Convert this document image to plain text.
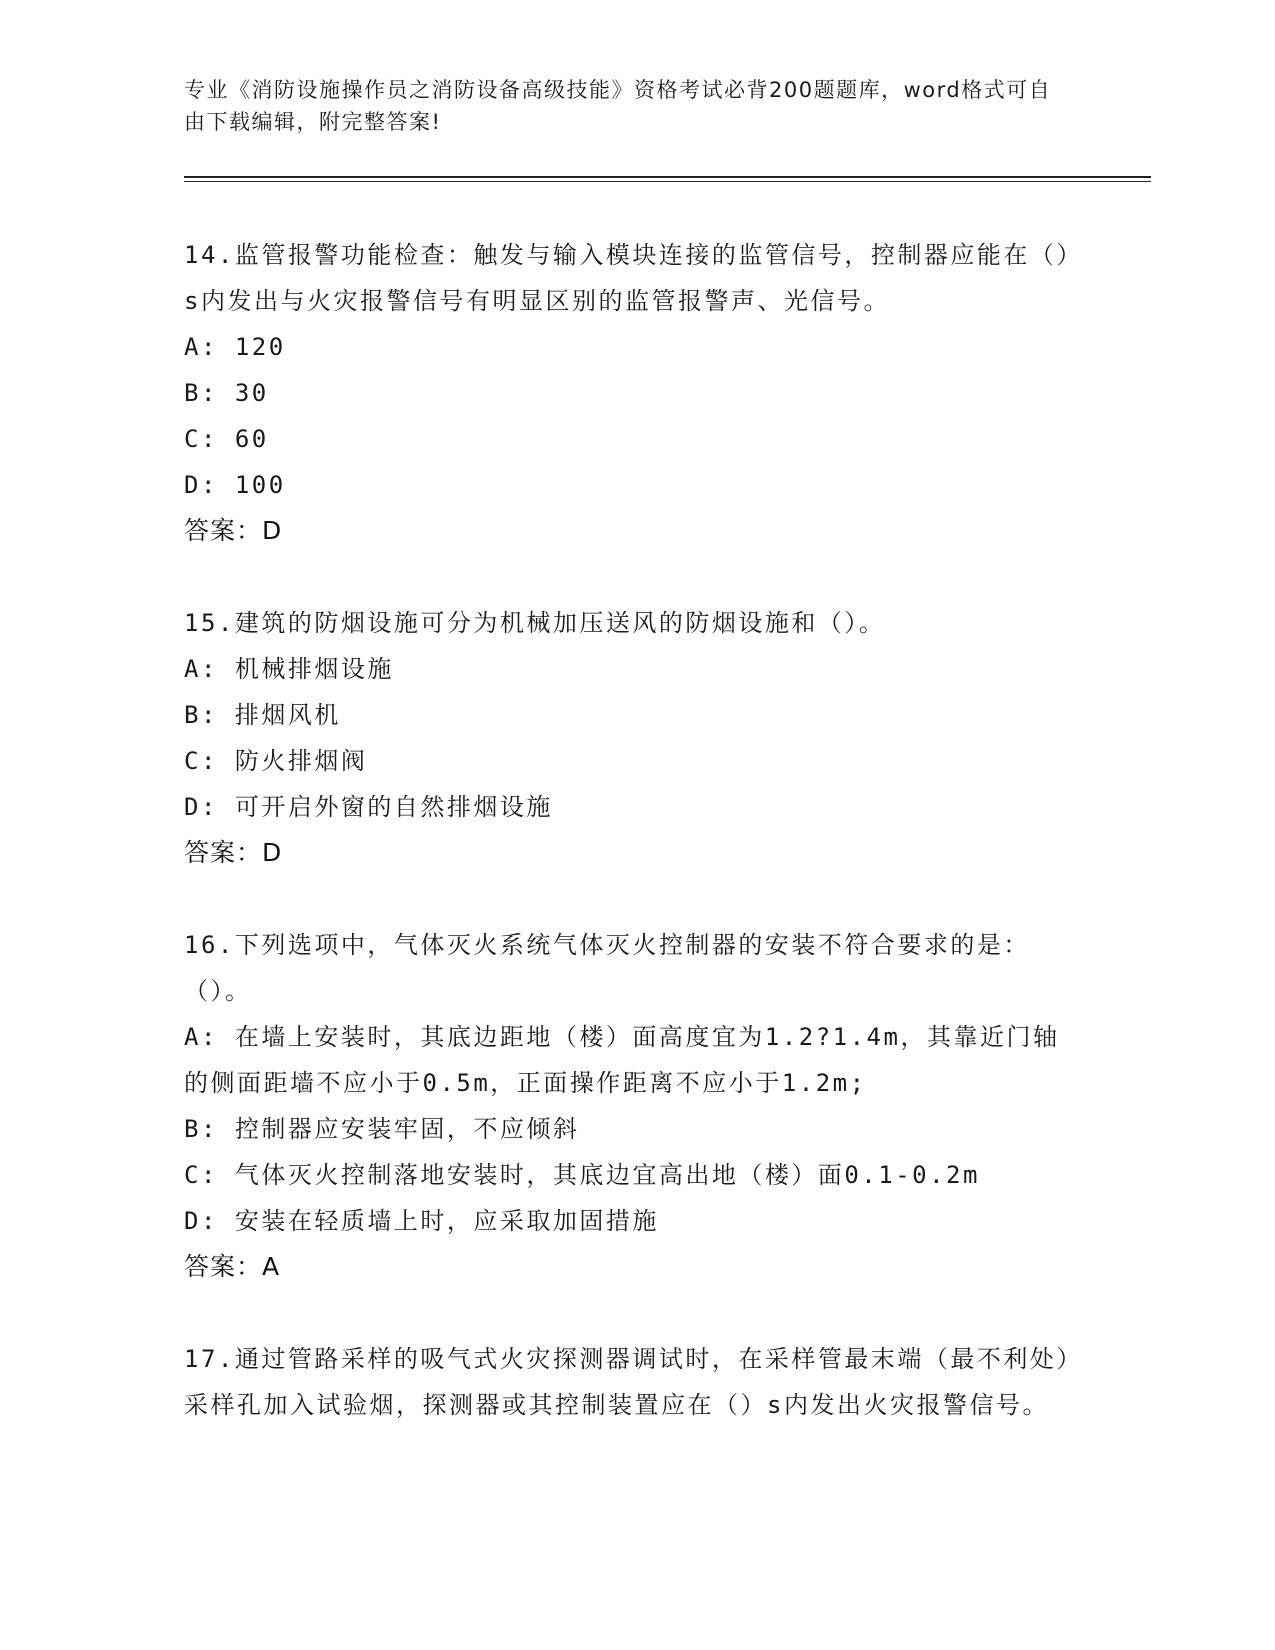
专业《消防设施操作员之消防设备高级技能》资格考试必背200题题库，word格式可自由下载编辑，附完整答案!

14.监管报警功能检查：触发与输入模块连接的监管信号，控制器应能在（）s内发出与火灾报警信号有明显区别的监管报警声、光信号。

A: 120

B: 30

C: 60

D: 100

答案：D

15.建筑的防烟设施可分为机械加压送风的防烟设施和（）。

A: 机械排烟设施

B: 排烟风机

C: 防火排烟阀

D: 可开启外窗的自然排烟设施

答案：D

16.下列选项中，气体灭火系统气体灭火控制器的安装不符合要求的是：（）。

A: 在墙上安装时，其底边距地（楼）面高度宜为1.2?1.4m，其靠近门轴的侧面距墙不应小于0.5m，正面操作距离不应小于1.2m;

B: 控制器应安装牢固，不应倾斜

C: 气体灭火控制落地安装时，其底边宜高出地（楼）面0.1-0.2m

D: 安装在轻质墙上时，应采取加固措施

答案：A

17.通过管路采样的吸气式火灾探测器调试时，在采样管最末端（最不利处）采样孔加入试验烟，探测器或其控制装置应在（）s内发出火灾报警信号。
